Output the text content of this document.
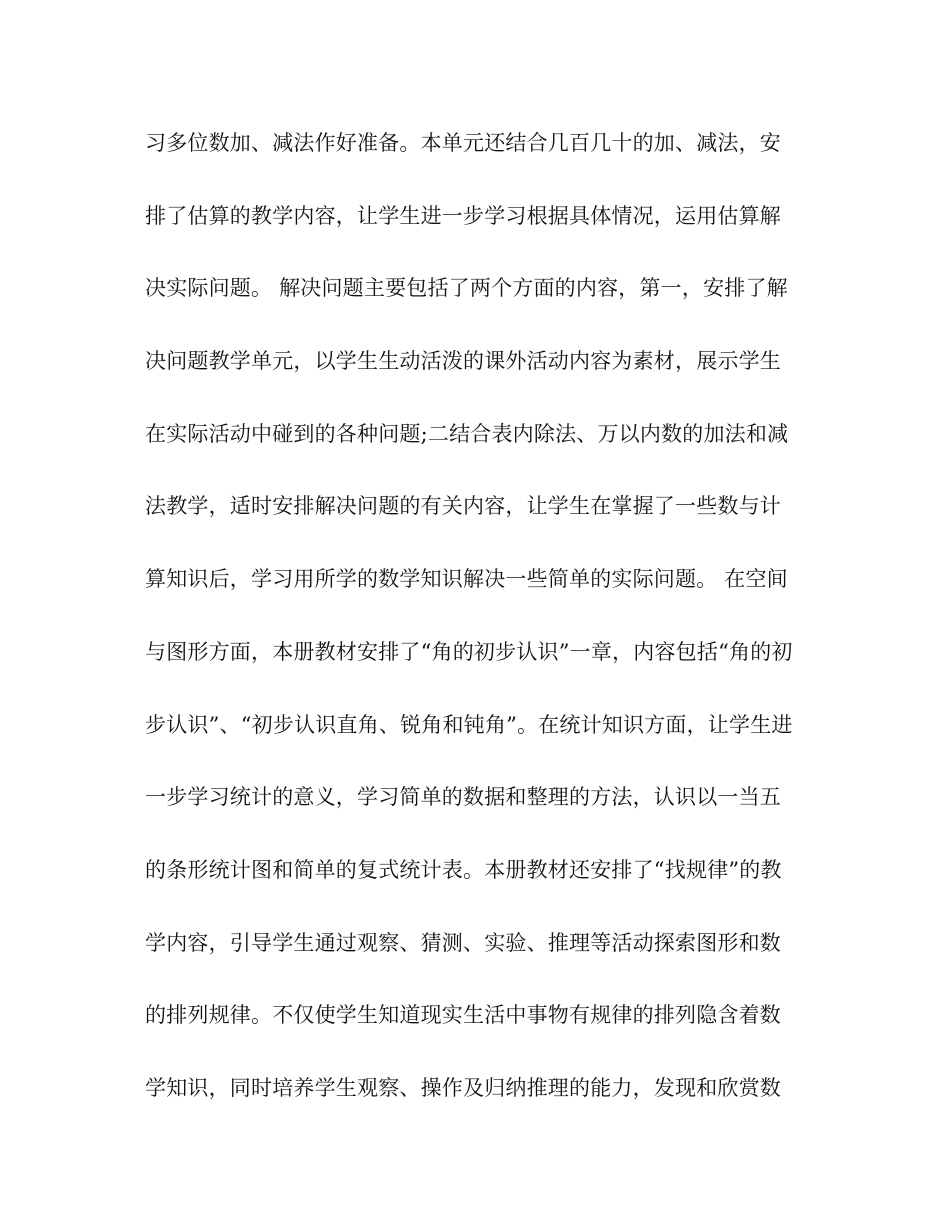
习多位数加、减法作好准备。本单元还结合几百几十的加、减法，安
排了估算的教学内容，让学生进一步学习根据具体情况，运用估算解
决实际问题。 解决问题主要包括了两个方面的内容，第一，安排了解
决问题教学单元，以学生生动活泼的课外活动内容为素材，展示学生
在实际活动中碰到的各种问题;二结合表内除法、万以内数的加法和减
法教学，适时安排解决问题的有关内容，让学生在掌握了一些数与计
算知识后，学习用所学的数学知识解决一些简单的实际问题。 在空间
与图形方面，本册教材安排了“角的初步认识”一章，内容包括“角的初
步认识”、“初步认识直角、锐角和钝角”。在统计知识方面，让学生进
一步学习统计的意义，学习简单的数据和整理的方法，认识以一当五
的条形统计图和简单的复式统计表。本册教材还安排了“找规律”的教
学内容，引导学生通过观察、猜测、实验、推理等活动探索图形和数
的排列规律。不仅使学生知道现实生活中事物有规律的排列隐含着数
学知识，同时培养学生观察、操作及归纳推理的能力，发现和欣赏数
